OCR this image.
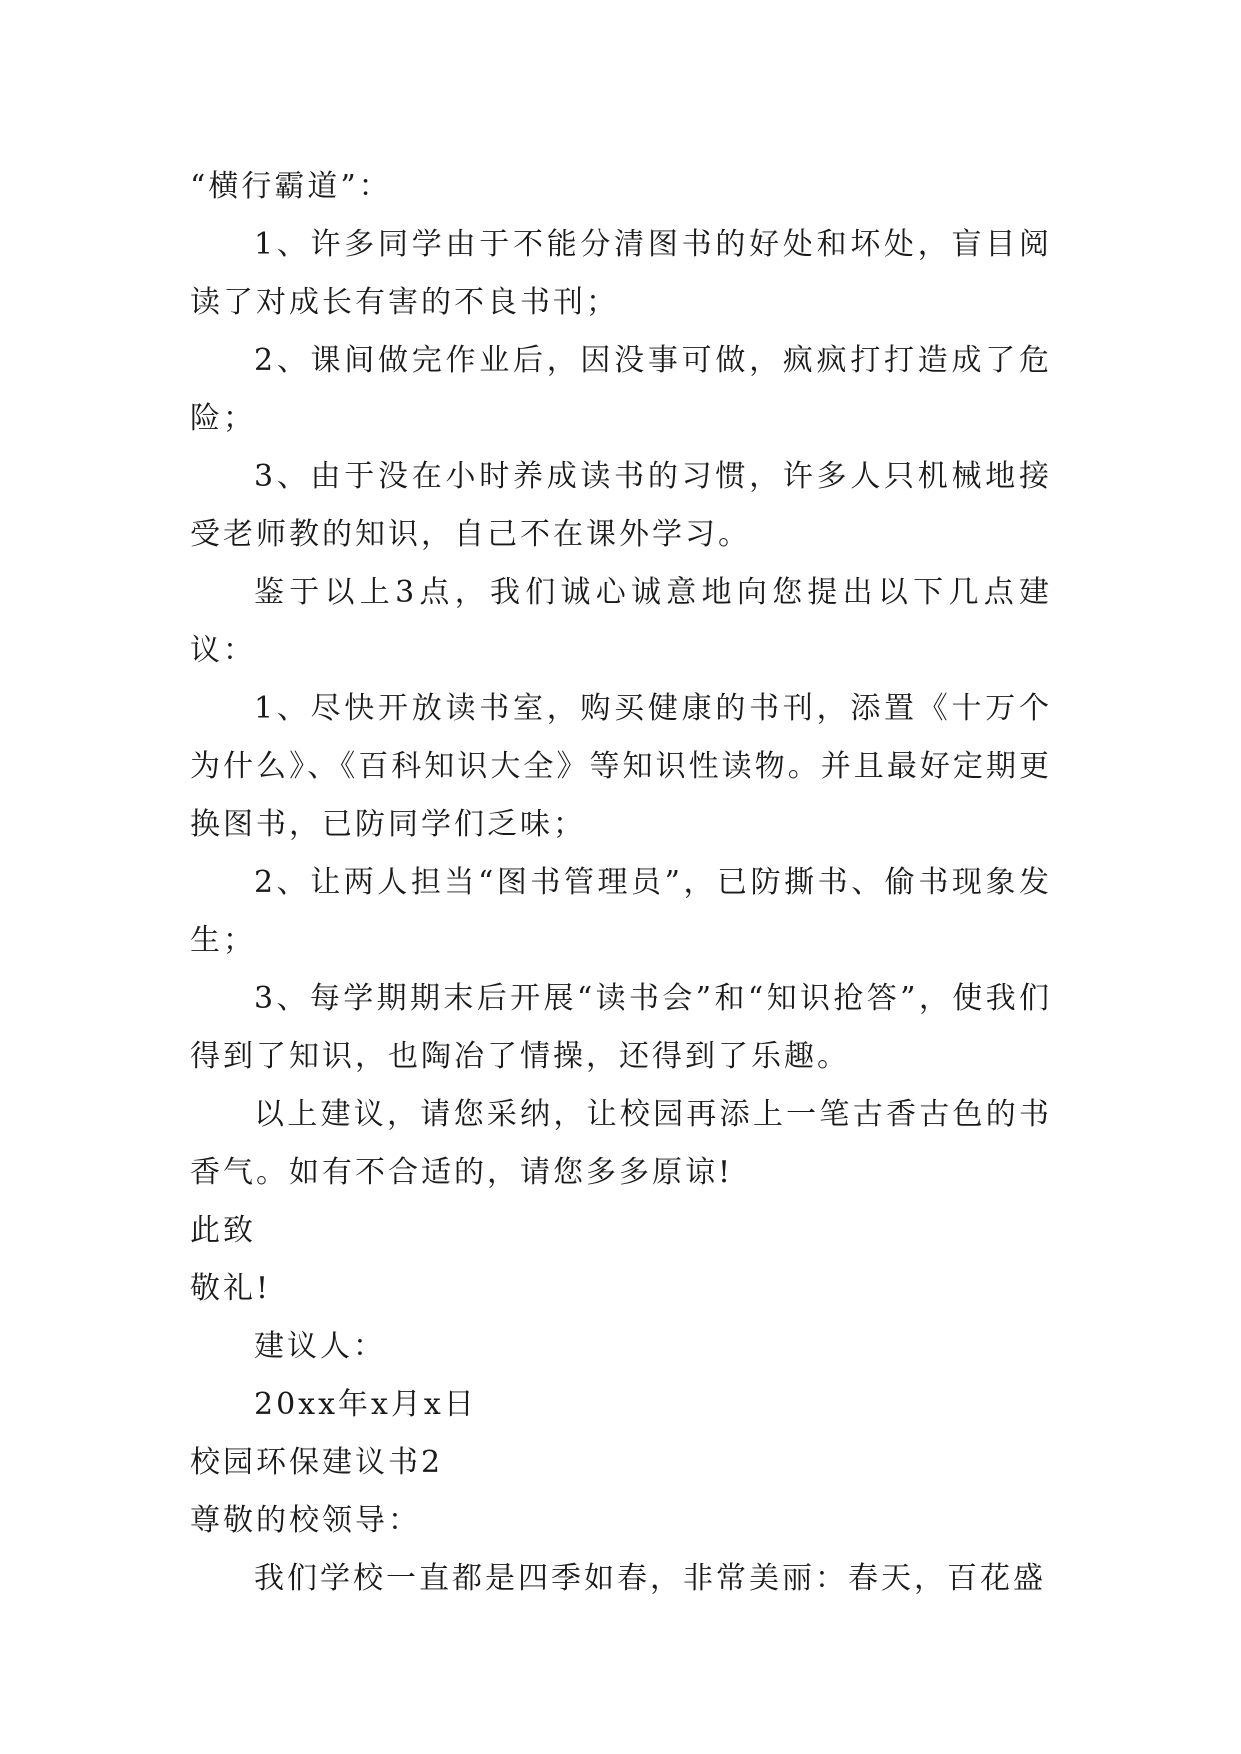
“横行霸道”：

1、许多同学由于不能分清图书的好处和坏处，盲目阅读了对成长有害的不良书刊；

2、课间做完作业后，因没事可做，疯疯打打造成了危险；

3、由于没在小时养成读书的习惯，许多人只机械地接受老师教的知识，自己不在课外学习。

鉴于以上3点，我们诚心诚意地向您提出以下几点建议：

1、尽快开放读书室，购买健康的书刊，添置《十万个为什么》、《百科知识大全》等知识性读物。并且最好定期更换图书，已防同学们乏味；

2、让两人担当“图书管理员”，已防撕书、偷书现象发生；

3、每学期期末后开展“读书会”和“知识抢答”，使我们得到了知识，也陶冶了情操，还得到了乐趣。

以上建议，请您采纳，让校园再添上一笔古香古色的书香气。如有不合适的，请您多多原谅!

此致

敬礼!

建议人：

20xx年x月x日

校园环保建议书2

尊敬的校领导：

我们学校一直都是四季如春，非常美丽：春天，百花盛
